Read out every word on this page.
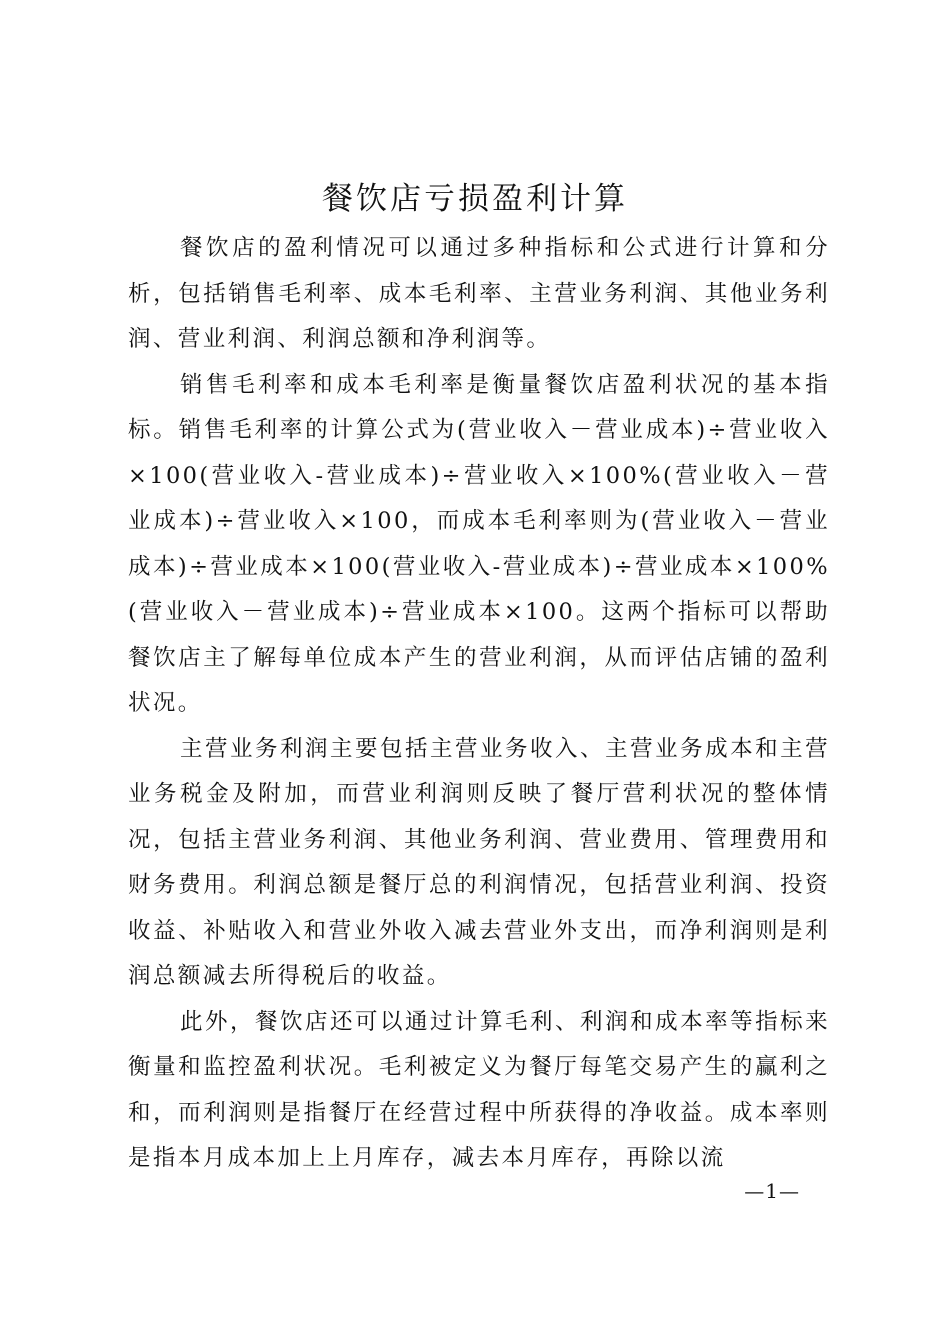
餐饮店亏损盈利计算

餐饮店的盈利情况可以通过多种指标和公式进行计算和分析，包括销售毛利率、成本毛利率、主营业务利润、其他业务利润、营业利润、利润总额和净利润等。

销售毛利率和成本毛利率是衡量餐饮店盈利状况的基本指标。销售毛利率的计算公式为(营业收入－营业成本)÷营业收入×100(营业收入-营业成本)÷营业收入×100%(营业收入－营业成本)÷营业收入×100，而成本毛利率则为(营业收入－营业成本)÷营业成本×100(营业收入-营业成本)÷营业成本×100%(营业收入－营业成本)÷营业成本×100。这两个指标可以帮助餐饮店主了解每单位成本产生的营业利润，从而评估店铺的盈利状况。

主营业务利润主要包括主营业务收入、主营业务成本和主营业务税金及附加，而营业利润则反映了餐厅营利状况的整体情况，包括主营业务利润、其他业务利润、营业费用、管理费用和财务费用。利润总额是餐厅总的利润情况，包括营业利润、投资收益、补贴收入和营业外收入减去营业外支出，而净利润则是利润总额减去所得税后的收益。

此外，餐饮店还可以通过计算毛利、利润和成本率等指标来衡量和监控盈利状况。毛利被定义为餐厅每笔交易产生的赢利之和，而利润则是指餐厅在经营过程中所获得的净收益。成本率则是指本月成本加上上月库存，减去本月库存，再除以流

—1—
